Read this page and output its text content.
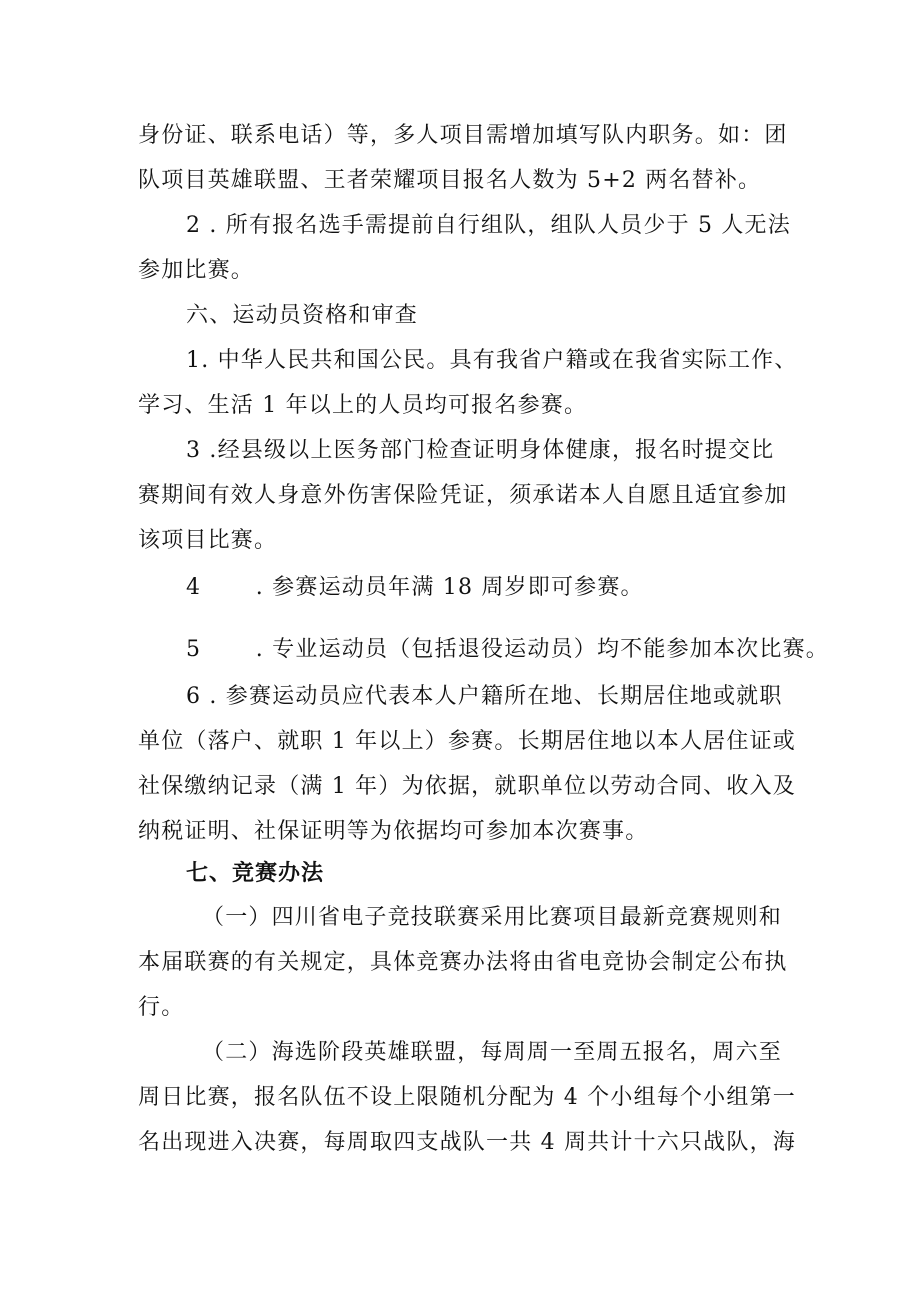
身份证、联系电话）等，多人项目需增加填写队内职务。如：团
队项目英雄联盟、王者荣耀项目报名人数为 5+2 两名替补。
2 . 所有报名选手需提前自行组队，组队人员少于 5 人无法
参加比赛。
六、运动员资格和审查
1. 中华人民共和国公民。具有我省户籍或在我省实际工作、
学习、生活 1 年以上的人员均可报名参赛。
3 .经县级以上医务部门检查证明身体健康，报名时提交比
赛期间有效人身意外伤害保险凭证，须承诺本人自愿且适宜参加
该项目比赛。
4 　　. 参赛运动员年满 18 周岁即可参赛。
5 　　. 专业运动员（包括退役运动员）均不能参加本次比赛。
6 . 参赛运动员应代表本人户籍所在地、长期居住地或就职
单位（落户、就职 1 年以上）参赛。长期居住地以本人居住证或
社保缴纳记录（满 1 年）为依据，就职单位以劳动合同、收入及
纳税证明、社保证明等为依据均可参加本次赛事。
七、竞赛办法
（一）四川省电子竞技联赛采用比赛项目最新竞赛规则和
本届联赛的有关规定，具体竞赛办法将由省电竞协会制定公布执
行。
（二）海选阶段英雄联盟，每周周一至周五报名，周六至
周日比赛，报名队伍不设上限随机分配为 4 个小组每个小组第一
名出现进入决赛，每周取四支战队一共 4 周共计十六只战队，海
